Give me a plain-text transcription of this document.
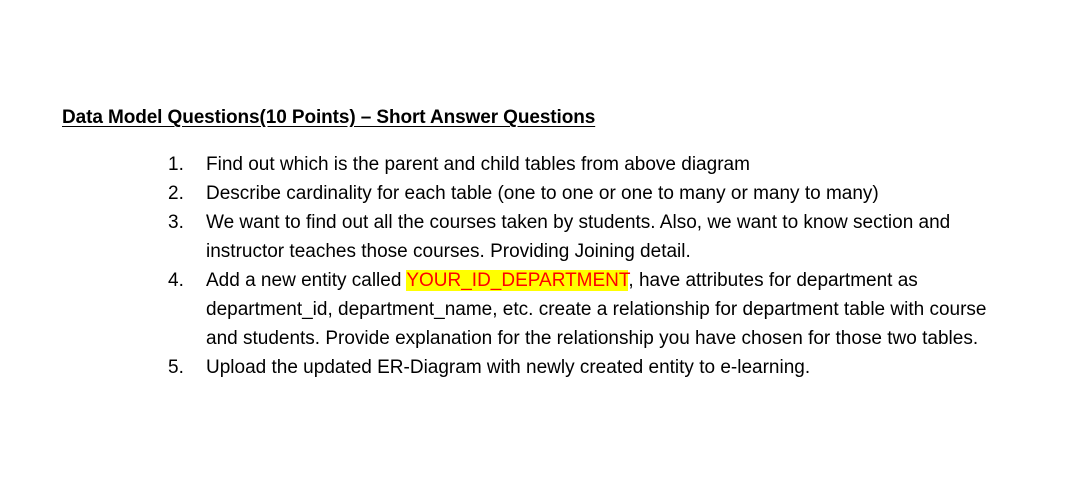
Data Model Questions(10 Points) – Short Answer Questions
1.	Find out which is the parent and child tables from above diagram
2.	Describe cardinality for each table (one to one or one to many or many to many)
3.	We want to find out all the courses taken by students. Also, we want to know section and instructor teaches those courses. Providing Joining detail.
4.	Add a new entity called YOUR_ID_DEPARTMENT, have attributes for department as department_id, department_name, etc. create a relationship for department table with course and students. Provide explanation for the relationship you have chosen for those two tables.
5.	Upload the updated ER-Diagram with newly created entity to e-learning.
